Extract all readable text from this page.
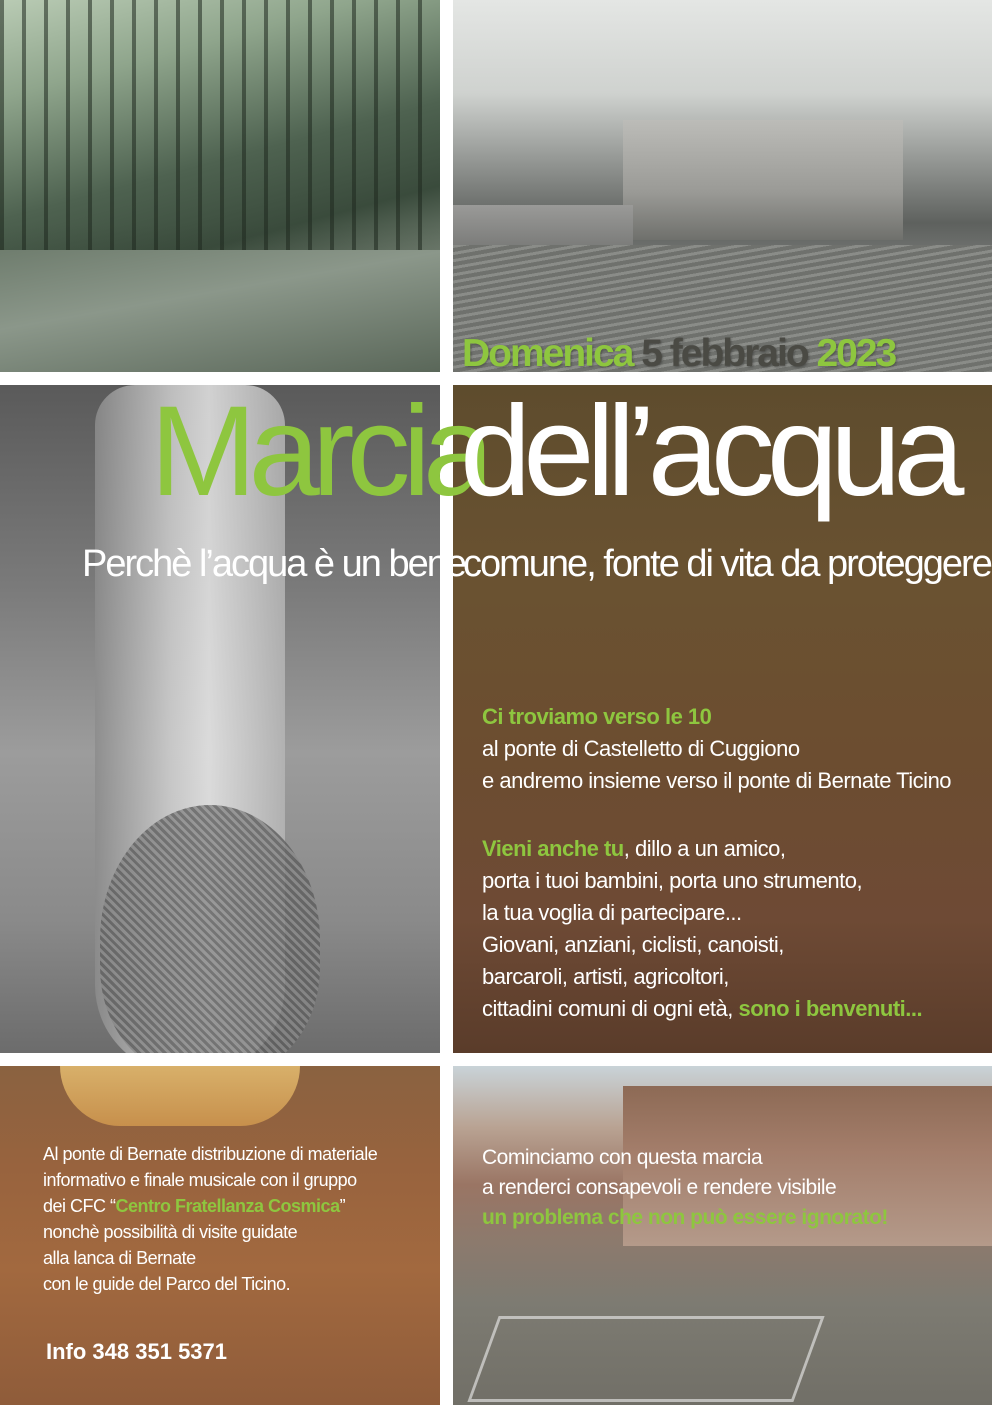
Domenica 5 febbraio 2023
Marcia
dell’acqua
Perchè l’acqua è un bene
comune, fonte di vita da proteggere
Ci troviamo verso le 10
al ponte di Castelletto di Cuggiono
e andremo insieme verso il ponte di Bernate Ticino
Vieni anche tu, dillo a un amico,
porta i tuoi bambini, porta uno strumento,
la tua voglia di partecipare...
Giovani, anziani, ciclisti, canoisti,
barcaroli, artisti, agricoltori,
cittadini comuni di ogni età, sono i benvenuti...
Al ponte di Bernate distribuzione di materiale
informativo e finale musicale con il gruppo
dei CFC “Centro Fratellanza Cosmica”
nonchè possibilità di visite guidate
alla lanca di Bernate
con le guide del Parco del Ticino.
Info 348 351 5371
Cominciamo con questa marcia
a renderci consapevoli e rendere visibile
un problema che non può essere ignorato!
